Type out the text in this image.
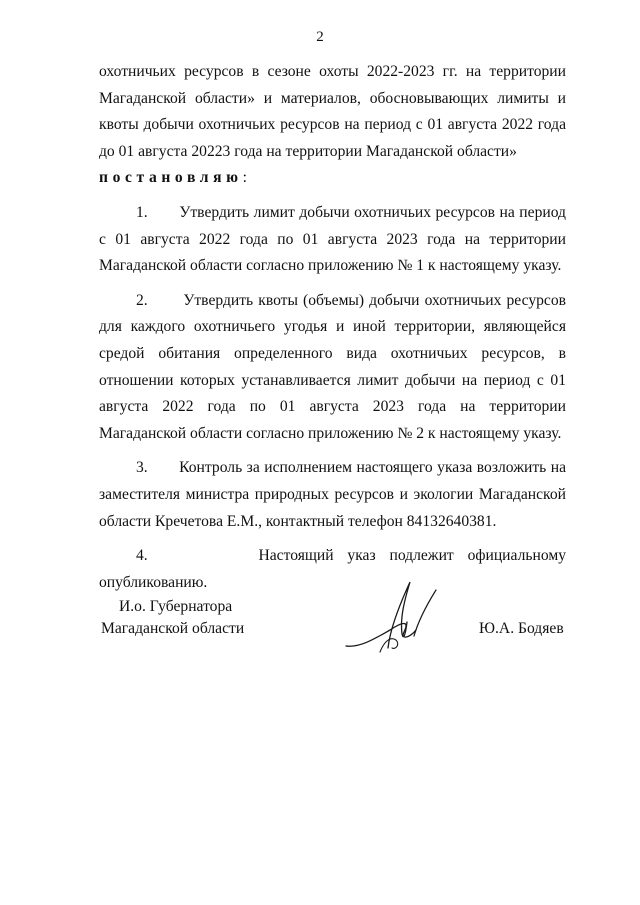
2

охотничьих ресурсов в сезоне охоты 2022-2023 гг. на территории Магаданской области» и материалов, обосновывающих лимиты и квоты добычи охотничьих ресурсов на период с 01 августа 2022 года до 01 августа 20223 года на территории Магаданской области»

постановляю:

1. Утвердить лимит добычи охотничьих ресурсов на период с 01 августа 2022 года по 01 августа 2023 года на территории Магаданской области согласно приложению № 1 к настоящему указу.

2. Утвердить квоты (объемы) добычи охотничьих ресурсов для каждого охотничьего угодья и иной территории, являющейся средой обитания определенного вида охотничьих ресурсов, в отношении которых устанавливается лимит добычи на период с 01 августа 2022 года по 01 августа 2023 года на территории Магаданской области согласно приложению № 2 к настоящему указу.

3. Контроль за исполнением настоящего указа возложить на заместителя министра природных ресурсов и экологии Магаданской области Кречетова Е.М., контактный телефон 84132640381.

4.	Настоящий указ подлежит официальному опубликованию.

И.о. Губернатора
Магаданской области	Ю.А. Бодяев
